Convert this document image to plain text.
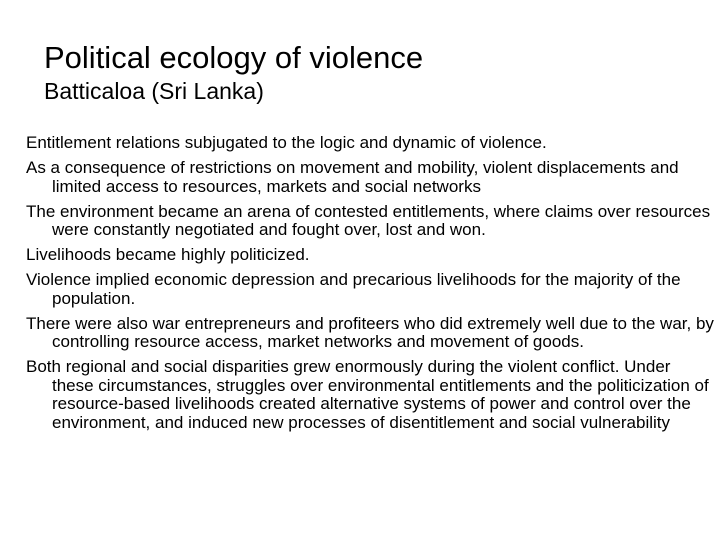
Political ecology of violence
Batticaloa (Sri Lanka)
Entitlement relations subjugated to the logic and dynamic of violence.
As a consequence of restrictions on movement and mobility, violent displacements and limited access to resources, markets and social networks
The environment became an arena of contested entitlements, where claims over resources were constantly negotiated and fought over, lost and won.
Livelihoods became highly politicized.
Violence implied economic depression and precarious livelihoods for the majority of the population.
There were also war entrepreneurs and profiteers who did extremely well due to the war, by controlling resource access, market networks and movement of goods.
Both regional and social disparities grew enormously during the violent conflict. Under these circumstances, struggles over environmental entitlements and the politicization of resource-based livelihoods created alternative systems of power and control over the environment, and induced new processes of disentitlement and social vulnerability
